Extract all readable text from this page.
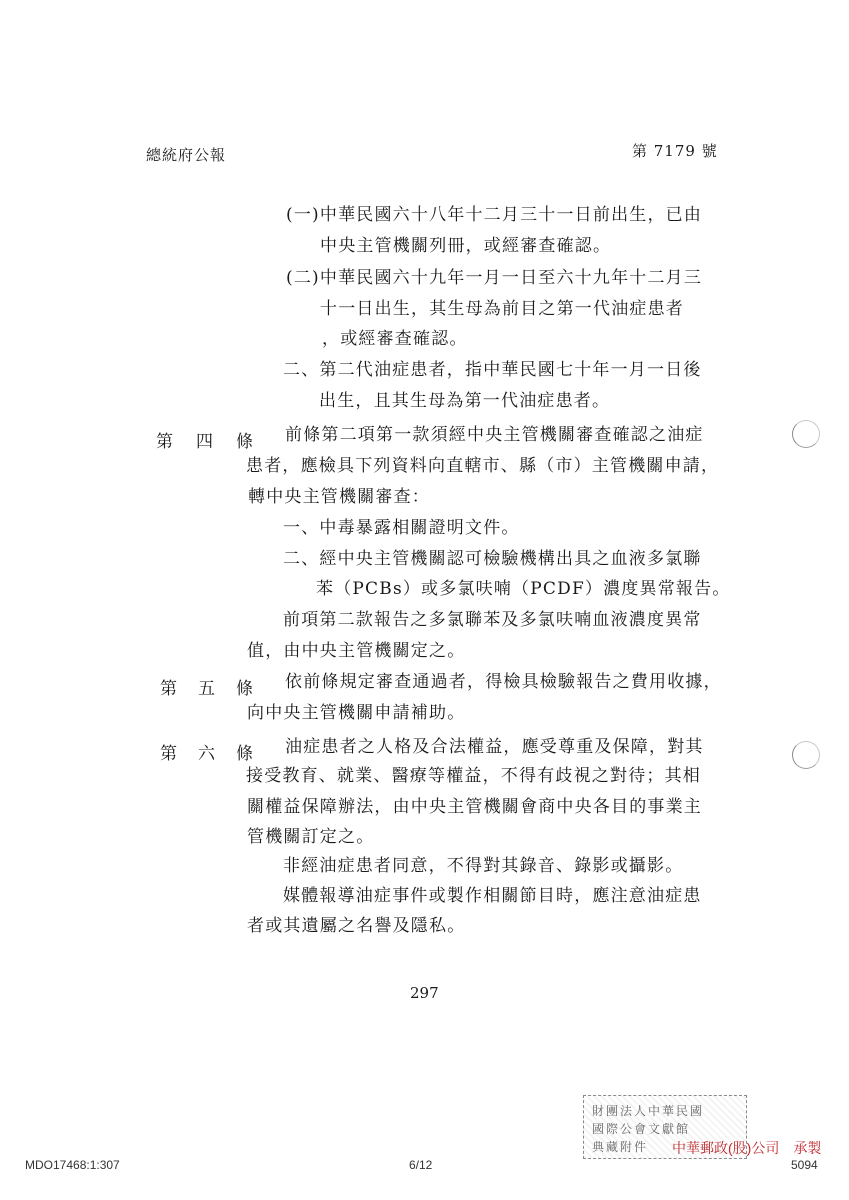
總統府公報	第 7179 號
(一)中華民國六十八年十二月三十一日前出生，已由
中央主管機關列冊，或經審查確認。
(二)中華民國六十九年一月一日至六十九年十二月三
十一日出生，其生母為前目之第一代油症患者
，或經審查確認。
二、第二代油症患者，指中華民國七十年一月一日後
出生，且其生母為第一代油症患者。
第 四 條 前條第二項第一款須經中央主管機關審查確認之油症
患者，應檢具下列資料向直轄市、縣（市）主管機關申請，
轉中央主管機關審查：
一、中毒暴露相關證明文件。
二、經中央主管機關認可檢驗機構出具之血液多氯聯
苯（PCBs）或多氯呋喃（PCDF）濃度異常報告。
前項第二款報告之多氯聯苯及多氯呋喃血液濃度異常
值，由中央主管機關定之。
第 五 條 依前條規定審查通過者，得檢具檢驗報告之費用收據，
向中央主管機關申請補助。
第 六 條 油症患者之人格及合法權益，應受尊重及保障，對其
接受教育、就業、醫療等權益，不得有歧視之對待；其相
關權益保障辦法，由中央主管機關會商中央各目的事業主
管機關訂定之。
非經油症患者同意，不得對其錄音、錄影或攝影。
媒體報導油症事件或製作相關節目時，應注意油症患
者或其遺屬之名譽及隱私。
297
財團法人中華民國
國際公會文獻館
典藏附件
MDO17468:1:307	6/12
中華郵政(股)公司　承製
5094
